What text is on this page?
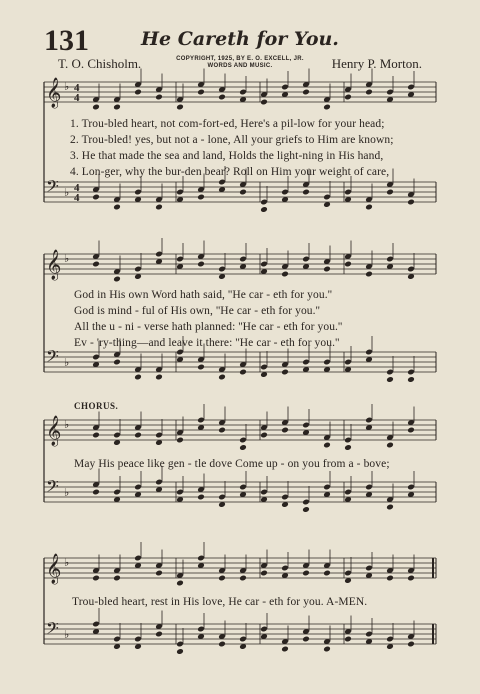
131	He Careth for You.
T. O. Chisholm.	COPYRIGHT, 1925, BY E. O. EXCELL, JR.
WORDS AND MUSIC.	Henry P. Morton.
𝄞 ♭ 4
4
𝄢 ♭ 4
4
𝄞 ♭
𝄢 ♭
𝄞 ♭
𝄢 ♭
𝄞 ♭
𝄢 ♭
1. Trou-bled heart, not com-fort-ed, Here's a pil-low for your head;
2. Trou-bled! yes, but not a - lone, All your griefs to Him are known;
3. He that made the sea and land, Holds the light-ning in His hand,
4. Lon-ger, why the bur-den bear? Roll on Him your weight of care,
God in His own Word hath said, ''He car - eth for you.''
God is mind - ful of His own, ''He car - eth for you.''
All the u - ni - verse hath planned: ''He car - eth for you.''
Ev - 'ry-thing—and leave it there: ''He car - eth for you.''
CHORUS.
May His peace like gen - tle dove Come up - on you from a - bove;
Trou-bled heart, rest in His love, He car - eth for you. A-MEN.
